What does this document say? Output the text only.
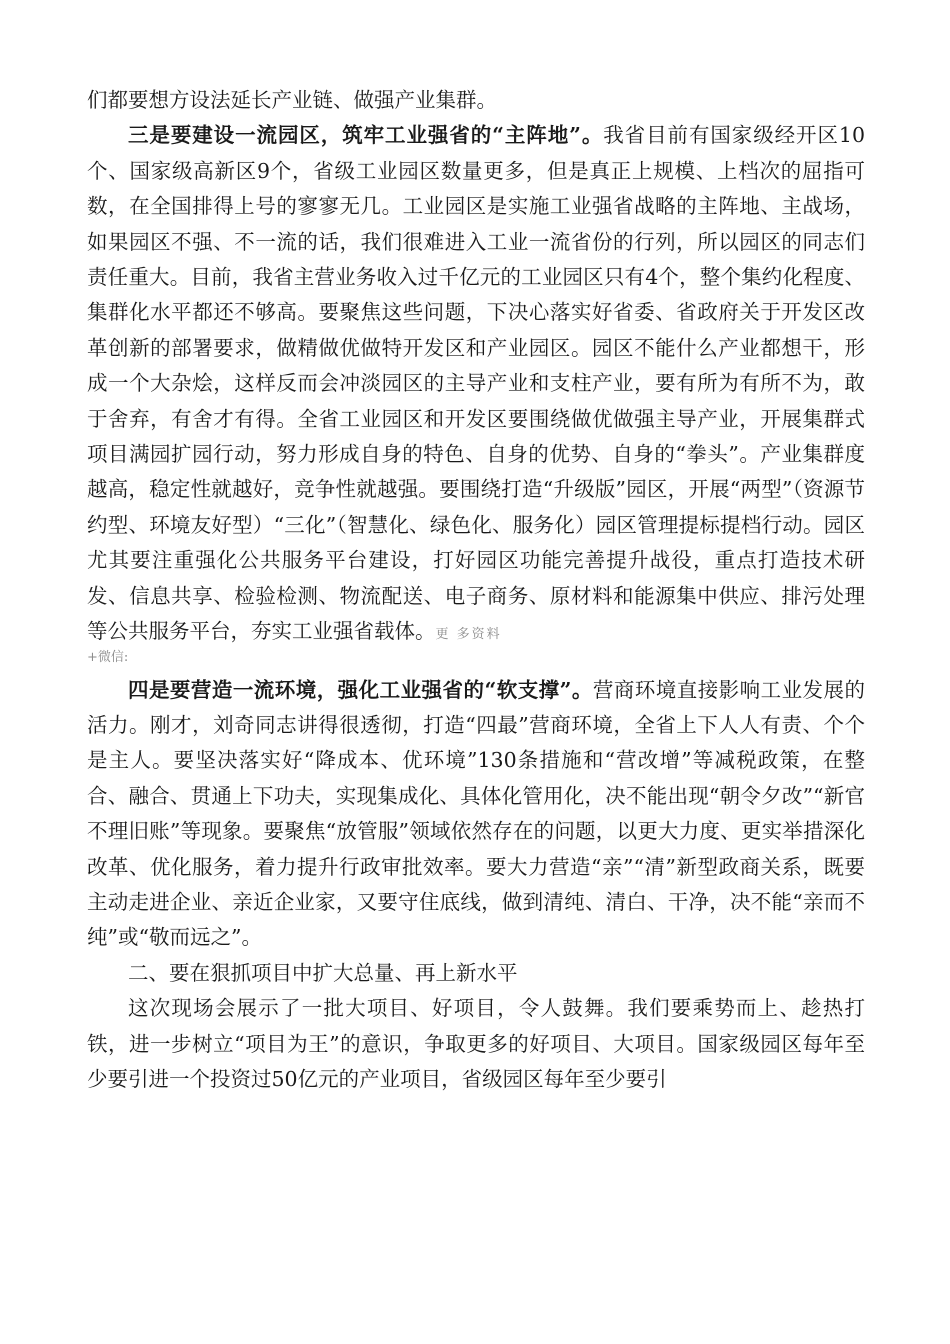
们都要想方设法延长产业链、做强产业集群。

三是要建设一流园区，筑牢工业强省的“主阵地”。我省目前有国家级经开区10个、国家级高新区9个，省级工业园区数量更多，但是真正上规模、上档次的屈指可数，在全国排得上号的寥寥无几。工业园区是实施工业强省战略的主阵地、主战场，如果园区不强、不一流的话，我们很难进入工业一流省份的行列，所以园区的同志们责任重大。目前，我省主营业务收入过千亿元的工业园区只有4个，整个集约化程度、集群化水平都还不够高。要聚焦这些问题，下决心落实好省委、省政府关于开发区改革创新的部署要求，做精做优做特开发区和产业园区。园区不能什么产业都想干，形成一个大杂烩，这样反而会冲淡园区的主导产业和支柱产业，要有所为有所不为，敢于舍弃，有舍才有得。全省工业园区和开发区要围绕做优做强主导产业，开展集群式项目满园扩园行动，努力形成自身的特色、自身的优势、自身的“拳头”。产业集群度越高，稳定性就越好，竞争性就越强。要围绕打造“升级版”园区，开展“两型”（资源节约型、环境友好型）“三化”（智慧化、绿色化、服务化）园区管理提标提档行动。园区尤其要注重强化公共服务平台建设，打好园区功能完善提升战役，重点打造技术研发、信息共享、检验检测、物流配送、电子商务、原材料和能源集中供应、排污处理等公共服务平台，夯实工业强省载体。更 多资料

+微信:

四是要营造一流环境，强化工业强省的“软支撑”。营商环境直接影响工业发展的活力。刚才，刘奇同志讲得很透彻，打造“四最”营商环境，全省上下人人有责、个个是主人。要坚决落实好“降成本、优环境”130条措施和“营改增”等减税政策，在整合、融合、贯通上下功夫，实现集成化、具体化管用化，决不能出现“朝令夕改”“新官不理旧账”等现象。要聚焦“放管服”领域依然存在的问题，以更大力度、更实举措深化改革、优化服务，着力提升行政审批效率。要大力营造“亲”“清”新型政商关系，既要主动走进企业、亲近企业家，又要守住底线，做到清纯、清白、干净，决不能“亲而不纯”或“敬而远之”。

二、要在狠抓项目中扩大总量、再上新水平

这次现场会展示了一批大项目、好项目，令人鼓舞。我们要乘势而上、趁热打铁，进一步树立“项目为王”的意识，争取更多的好项目、大项目。国家级园区每年至少要引进一个投资过50亿元的产业项目，省级园区每年至少要引
